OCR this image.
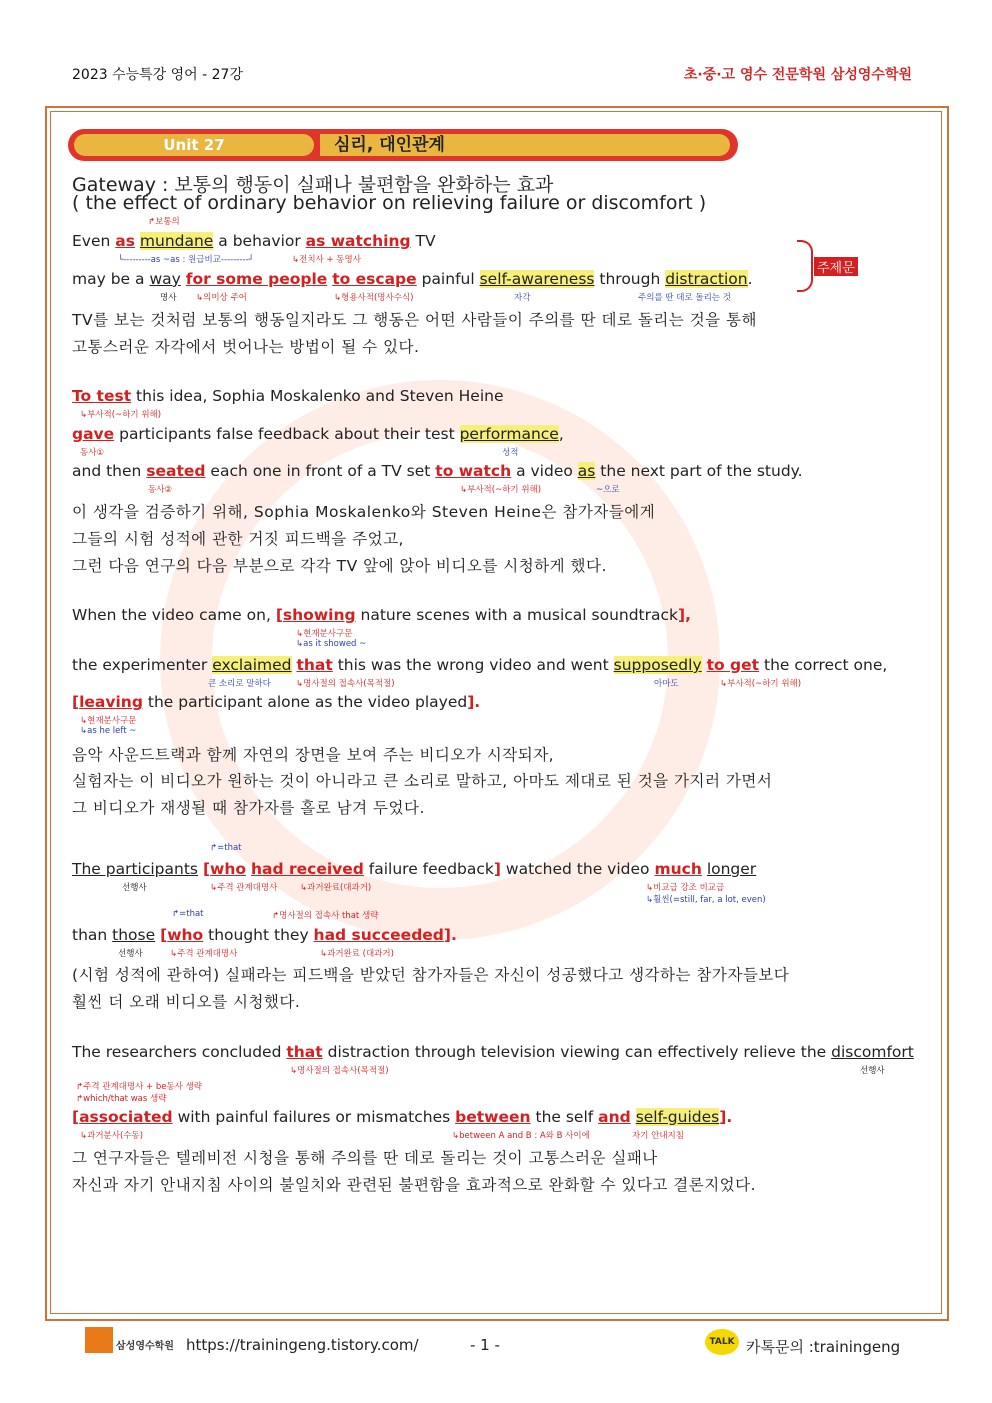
2023 수능특강 영어 - 27강	초·중·고 영수 전문학원 삼성영수학원
Unit 27	심리, 대인관계
Gateway : 보통의 행동이 실패나 불편함을 완화하는 효과
( the effect of ordinary behavior on relieving failure or discomfort )
↱보통의
Even as mundane a behavior as watching TV
└---------as ~as : 원급비교---------┘	↳전치사 + 동명사
may be a way for some people to escape painful self-awareness through distraction.
명사 ↳의미상 주어	↳형용사적(명사수식)	자각	주의를 딴 데로 돌리는 것
주제문
TV를 보는 것처럼 보통의 행동일지라도 그 행동은 어떤 사람들이 주의를 딴 데로 돌리는 것을 통해
고통스러운 자각에서 벗어나는 방법이 될 수 있다.
To test this idea, Sophia Moskalenko and Steven Heine
↳부사적(~하기 위해)
gave participants false feedback about their test performance,
동사①	성적
and then seated each one in front of a TV set to watch a video as the next part of the study.
동사②	↳부사적(~하기 위해)	~으로
이 생각을 검증하기 위해, Sophia Moskalenko와 Steven Heine은 참가자들에게
그들의 시험 성적에 관한 거짓 피드백을 주었고,
그런 다음 연구의 다음 부분으로 각각 TV 앞에 앉아 비디오를 시청하게 했다.
When the video came on, [showing nature scenes with a musical soundtrack],
↳현재분사구문
↳as it showed ~
the experimenter exclaimed that this was the wrong video and went supposedly to get the correct one,
큰 소리로 말하다	↳명사절의 접속사(목적절)	아마도	↳부사적(~하기 위해)
[leaving the participant alone as the video played].
↳현재분사구문
↳as he left ~
음악 사운드트랙과 함께 자연의 장면을 보여 주는 비디오가 시작되자,
실험자는 이 비디오가 원하는 것이 아니라고 큰 소리로 말하고, 아마도 제대로 된 것을 가지러 가면서
그 비디오가 재생될 때 참가자를 홀로 남겨 두었다.
↱=that
The participants [who had received failure feedback] watched the video much longer
선행사	↳주격 관계대명사	↳과거완료(대과거)	↳비교급 강조 비교급
↳훨씬(=still, far, a lot, even)
↱=that	↱명사절의 접속사 that 생략
than those [who thought they had succeeded].
선행사	↳주격 관계대명사	↳과거완료 (대과거)
(시험 성적에 관하여) 실패라는 피드백을 받았던 참가자들은 자신이 성공했다고 생각하는 참가자들보다
훨씬 더 오래 비디오를 시청했다.
The researchers concluded that distraction through television viewing can effectively relieve the discomfort
↳명사절의 접속사(목적절)	선행사
↱주격 관계대명사 + be동사 생략
↱which/that was 생략
[associated with painful failures or mismatches between the self and self-guides].
↳과거분사(수동)	↳between A and B : A와 B 사이에	자기 안내지침
그 연구자들은 텔레비전 시청을 통해 주의를 딴 데로 돌리는 것이 고통스러운 실패나
자신과 자기 안내지침 사이의 불일치와 관련된 불편함을 효과적으로 완화할 수 있다고 결론지었다.
삼성영수학원 https://trainingeng.tistory.com/	- 1 -	TALK 카톡문의 :trainingeng
